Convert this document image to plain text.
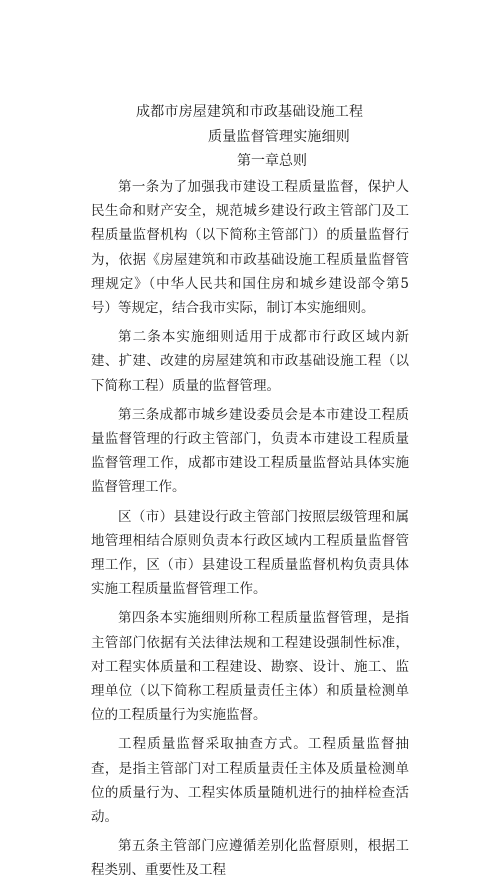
成都市房屋建筑和市政基础设施工程
质量监督管理实施细则
第一章总则

第一条为了加强我市建设工程质量监督，保护人民生命和财产安全，规范城乡建设行政主管部门及工程质量监督机构（以下简称主管部门）的质量监督行为，依据《房屋建筑和市政基础设施工程质量监督管理规定》（中华人民共和国住房和城乡建设部令第5号）等规定，结合我市实际，制订本实施细则。

第二条本实施细则适用于成都市行政区域内新建、扩建、改建的房屋建筑和市政基础设施工程（以下简称工程）质量的监督管理。

第三条成都市城乡建设委员会是本市建设工程质量监督管理的行政主管部门，负责本市建设工程质量监督管理工作，成都市建设工程质量监督站具体实施监督管理工作。

区（市）县建设行政主管部门按照层级管理和属地管理相结合原则负责本行政区域内工程质量监督管理工作，区（市）县建设工程质量监督机构负责具体实施工程质量监督管理工作。

第四条本实施细则所称工程质量监督管理，是指主管部门依据有关法律法规和工程建设强制性标准，对工程实体质量和工程建设、勘察、设计、施工、监理单位（以下简称工程质量责任主体）和质量检测单位的工程质量行为实施监督。

工程质量监督采取抽查方式。工程质量监督抽查，是指主管部门对工程质量责任主体及质量检测单位的质量行为、工程实体质量随机进行的抽样检查活动。

第五条主管部门应遵循差别化监督原则，根据工程类别、重要性及工程
